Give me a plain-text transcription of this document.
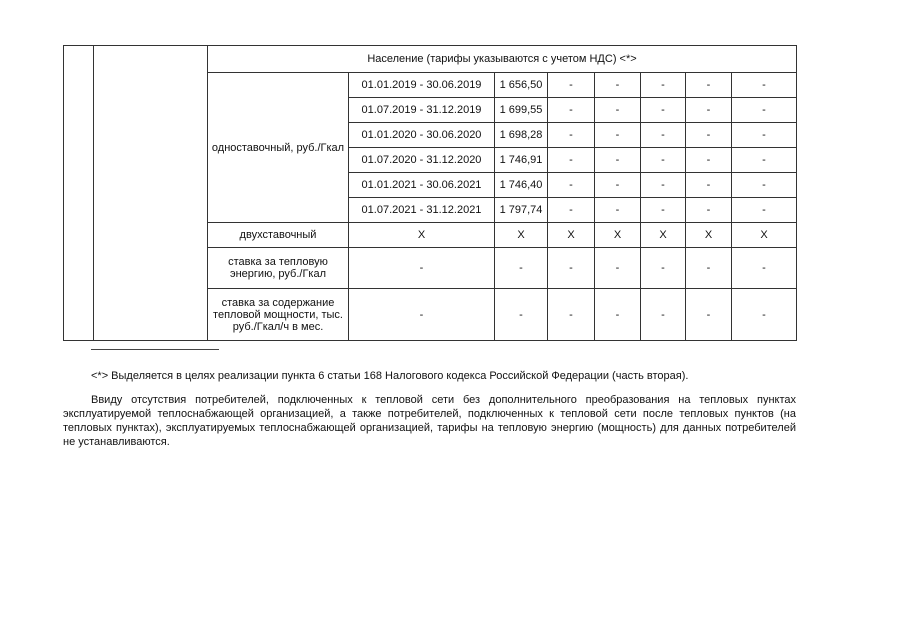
		Население (тарифы указываются с учетом НДС) <*>							
		одноставочный, руб./Гкал	01.01.2019 - 30.06.2019	1 656,50	-	-	-	-	-
			01.07.2019 - 31.12.2019	1 699,55	-	-	-	-	-
			01.01.2020 - 30.06.2020	1 698,28	-	-	-	-	-
			01.07.2020 - 31.12.2020	1 746,91	-	-	-	-	-
			01.01.2021 - 30.06.2021	1 746,40	-	-	-	-	-
			01.07.2021 - 31.12.2021	1 797,74	-	-	-	-	-
		двухставочный	X	X	X	X	X	X	X
		ставка за тепловую энергию, руб./Гкал	-	-	-	-	-	-	-
		ставка за содержание тепловой мощности, тыс. руб./Гкал/ч в мес.	-	-	-	-	-	-	-

<*> Выделяется в целях реализации пункта 6 статьи 168 Налогового кодекса Российской Федерации (часть вторая).

Ввиду отсутствия потребителей, подключенных к тепловой сети без дополнительного преобразования на тепловых пунктах эксплуатируемой теплоснабжающей организацией, а также потребителей, подключенных к тепловой сети после тепловых пунктов (на тепловых пунктах), эксплуатируемых теплоснабжающей организацией, тарифы на тепловую энергию (мощность) для данных потребителей не устанавливаются.
